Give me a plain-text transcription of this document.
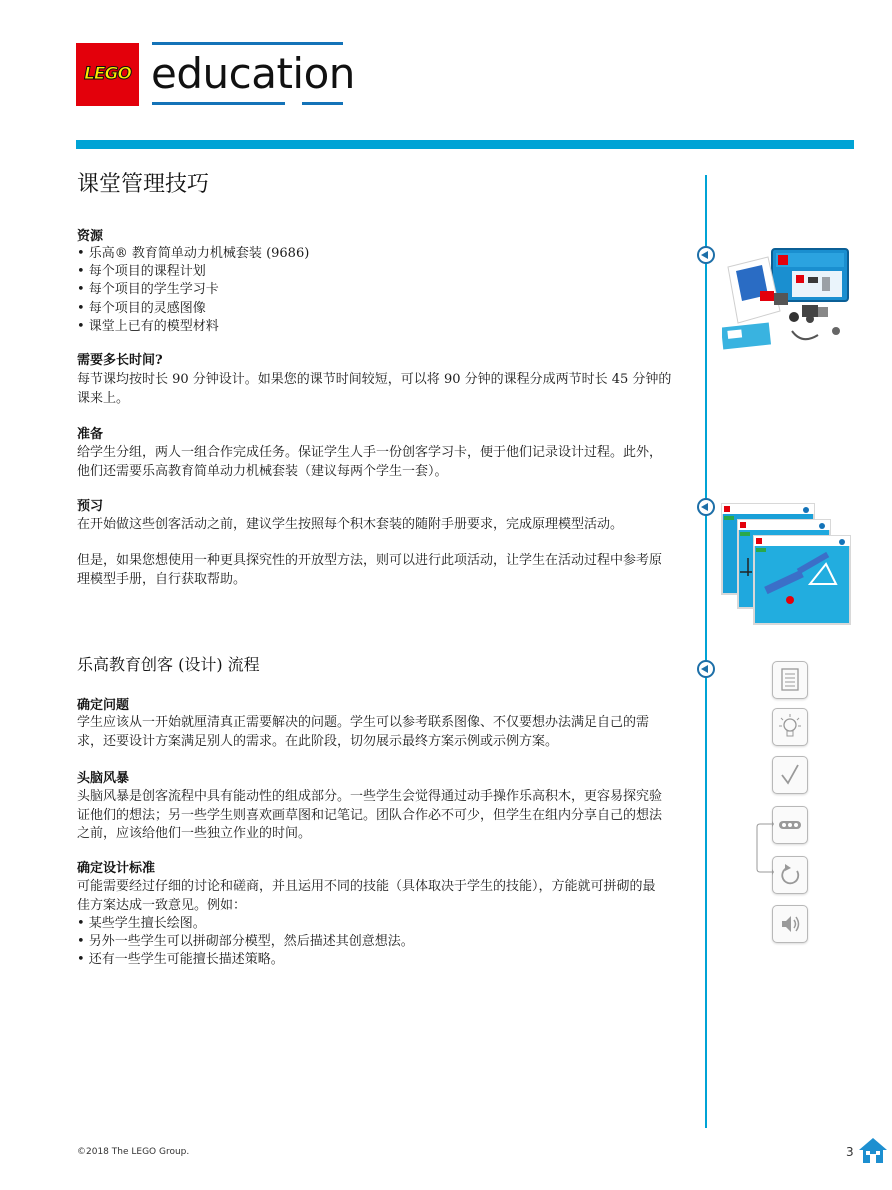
LEGO education
课堂管理技巧
资源
• 乐高® 教育简单动力机械套装 (9686)
• 每个项目的课程计划
• 每个项目的学生学习卡
• 每个项目的灵感图像
• 课堂上已有的模型材料
需要多长时间?
每节课均按时长 90 分钟设计。如果您的课节时间较短，可以将 90 分钟的课程分成两节时长 45 分钟的
课来上。
准备
给学生分组，两人一组合作完成任务。保证学生人手一份创客学习卡，便于他们记录设计过程。此外，
他们还需要乐高教育简单动力机械套装（建议每两个学生一套）。
预习
在开始做这些创客活动之前，建议学生按照每个积木套装的随附手册要求，完成原理模型活动。
但是，如果您想使用一种更具探究性的开放型方法，则可以进行此项活动，让学生在活动过程中参考原
理模型手册，自行获取帮助。
乐高教育创客 (设计) 流程
确定问题
学生应该从一开始就厘清真正需要解决的问题。学生可以参考联系图像、不仅要想办法满足自己的需
求，还要设计方案满足别人的需求。在此阶段，切勿展示最终方案示例或示例方案。
头脑风暴
头脑风暴是创客流程中具有能动性的组成部分。一些学生会觉得通过动手操作乐高积木，更容易探究验
证他们的想法；另一些学生则喜欢画草图和记笔记。团队合作必不可少，但学生在组内分享自己的想法
之前，应该给他们一些独立作业的时间。
确定设计标准
可能需要经过仔细的讨论和磋商，并且运用不同的技能（具体取决于学生的技能），方能就可拼砌的最
佳方案达成一致意见。例如：
• 某些学生擅长绘图。
• 另外一些学生可以拼砌部分模型，然后描述其创意想法。
• 还有一些学生可能擅长描述策略。
©2018 The LEGO Group.	3
